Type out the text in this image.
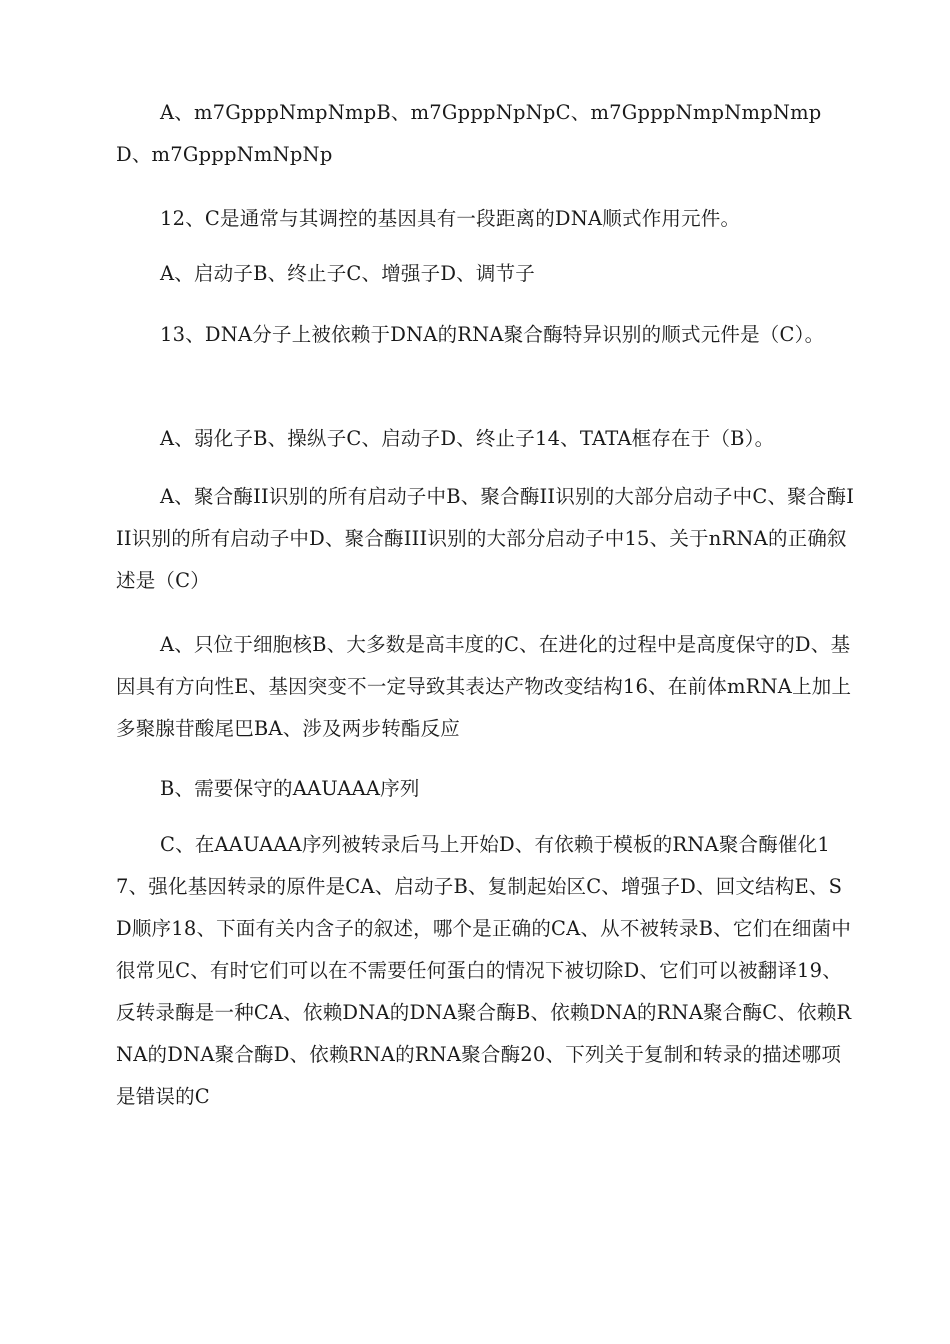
A、m7GpppNmpNmpB、m7GpppNpNpC、m7GpppNmpNmpNmpD、m7GpppNmNpNp

12、C是通常与其调控的基因具有一段距离的DNA顺式作用元件。

A、启动子B、终止子C、增强子D、调节子

13、DNA分子上被依赖于DNA的RNA聚合酶特异识别的顺式元件是（C）。

A、弱化子B、操纵子C、启动子D、终止子14、TATA框存在于（B）。

A、聚合酶II识别的所有启动子中B、聚合酶II识别的大部分启动子中C、聚合酶III识别的所有启动子中D、聚合酶III识别的大部分启动子中15、关于nRNA的正确叙述是（C）

A、只位于细胞核B、大多数是高丰度的C、在进化的过程中是高度保守的D、基因具有方向性E、基因突变不一定导致其表达产物改变结构16、在前体mRNA上加上多聚腺苷酸尾巴BA、涉及两步转酯反应

B、需要保守的AAUAAA序列

C、在AAUAAA序列被转录后马上开始D、有依赖于模板的RNA聚合酶催化17、强化基因转录的原件是CA、启动子B、复制起始区C、增强子D、回文结构E、SD顺序18、下面有关内含子的叙述，哪个是正确的CA、从不被转录B、它们在细菌中很常见C、有时它们可以在不需要任何蛋白的情况下被切除D、它们可以被翻译19、反转录酶是一种CA、依赖DNA的DNA聚合酶B、依赖DNA的RNA聚合酶C、依赖RNA的DNA聚合酶D、依赖RNA的RNA聚合酶20、下列关于复制和转录的描述哪项是错误的C
